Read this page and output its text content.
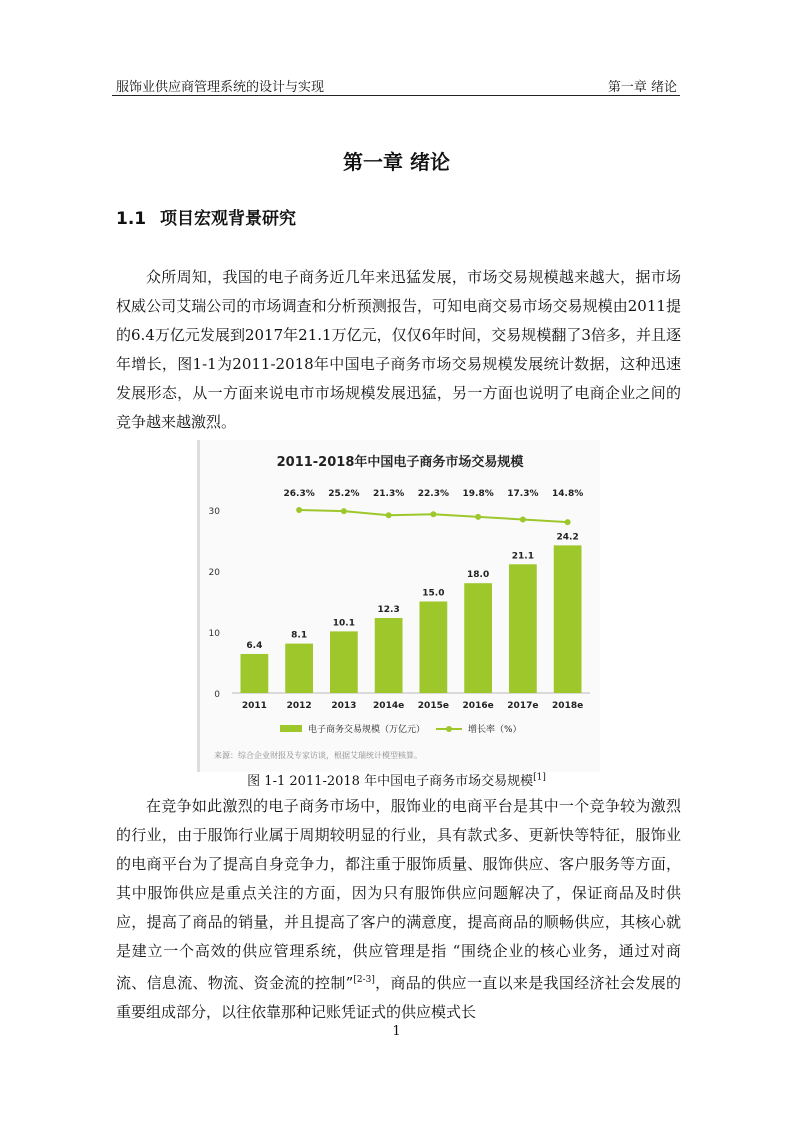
服饰业供应商管理系统的设计与实现	第一章 绪论
第一章 绪论
1.1 项目宏观背景研究

众所周知，我国的电子商务近几年来迅猛发展，市场交易规模越来越大，据市场权威公司艾瑞公司的市场调查和分析预测报告，可知电商交易市场交易规模由2011提的6.4万亿元发展到2017年21.1万亿元，仅仅6年时间，交易规模翻了3倍多，并且逐年增长，图1-1为2011-2018年中国电子商务市场交易规模发展统计数据，这种迅速发展形态，从一方面来说电市市场规模发展迅猛，另一方面也说明了电商企业之间的竞争越来越激烈。

2011-2018年中国电子商务市场交易规模
0
10
20
30
6.4
8.1
10.1
12.3
15.0
18.0
21.1
24.2
2011 2012 2013 2014e 2015e 2016e 2017e 2018e
26.3% 25.2% 21.3% 22.3% 19.8% 17.3% 14.8%
电子商务交易规模（万亿元）	增长率（%）
来源：综合企业财报及专家访谈，根据艾瑞统计模型核算。
图 1-1 2011-2018 年中国电子商务市场交易规模[1]

在竞争如此激烈的电子商务市场中，服饰业的电商平台是其中一个竞争较为激烈的行业，由于服饰行业属于周期较明显的行业，具有款式多、更新快等特征，服饰业的电商平台为了提高自身竞争力，都注重于服饰质量、服饰供应、客户服务等方面，其中服饰供应是重点关注的方面，因为只有服饰供应问题解决了，保证商品及时供应，提高了商品的销量，并且提高了客户的满意度，提高商品的顺畅供应，其核心就是建立一个高效的供应管理系统，供应管理是指 “围绕企业的核心业务，通过对商流、信息流、物流、资金流的控制”[2-3]，商品的供应一直以来是我国经济社会发展的重要组成部分，以往依靠那种记账凭证式的供应模式长

1
